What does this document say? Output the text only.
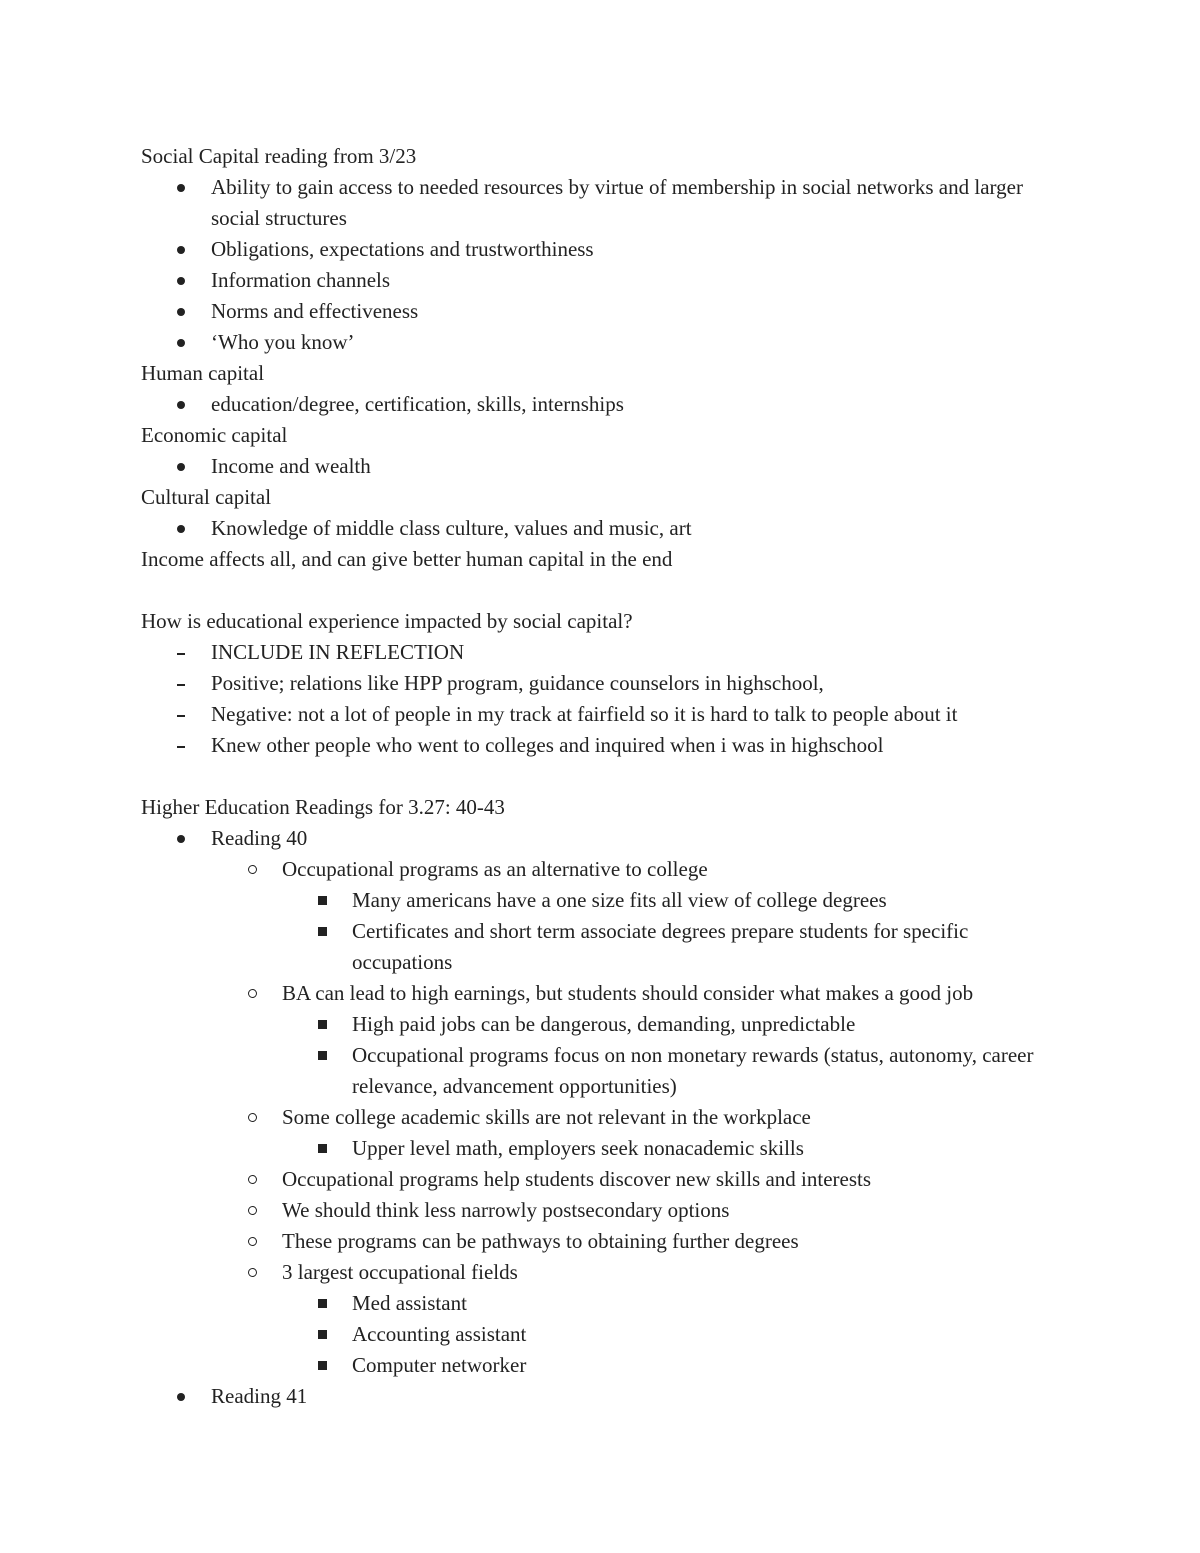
Social Capital reading from 3/23
Ability to gain access to needed resources by virtue of membership in social networks and larger social structures
Obligations, expectations and trustworthiness
Information channels
Norms and effectiveness
‘Who you know’
Human capital
education/degree, certification, skills, internships
Economic capital
Income and wealth
Cultural capital
Knowledge of middle class culture, values and music, art
Income affects all, and can give better human capital in the end
How is educational experience impacted by social capital?
INCLUDE IN REFLECTION
Positive; relations like HPP program, guidance counselors in highschool,
Negative: not a lot of people in my track at fairfield so it is hard to talk to people about it
Knew other people who went to colleges and inquired when i was in highschool
Higher Education Readings for 3.27: 40-43
Reading 40
Occupational programs as an alternative to college
Many americans have a one size fits all view of college degrees
Certificates and short term associate degrees prepare students for specific occupations
BA can lead to high earnings, but students should consider what makes a good job
High paid jobs can be dangerous, demanding, unpredictable
Occupational programs focus on non monetary rewards (status, autonomy, career relevance, advancement opportunities)
Some college academic skills are not relevant in the workplace
Upper level math, employers seek nonacademic skills
Occupational programs help students discover new skills and interests
We should think less narrowly postsecondary options
These programs can be pathways to obtaining further degrees
3 largest occupational fields
Med assistant
Accounting assistant
Computer networker
Reading 41
